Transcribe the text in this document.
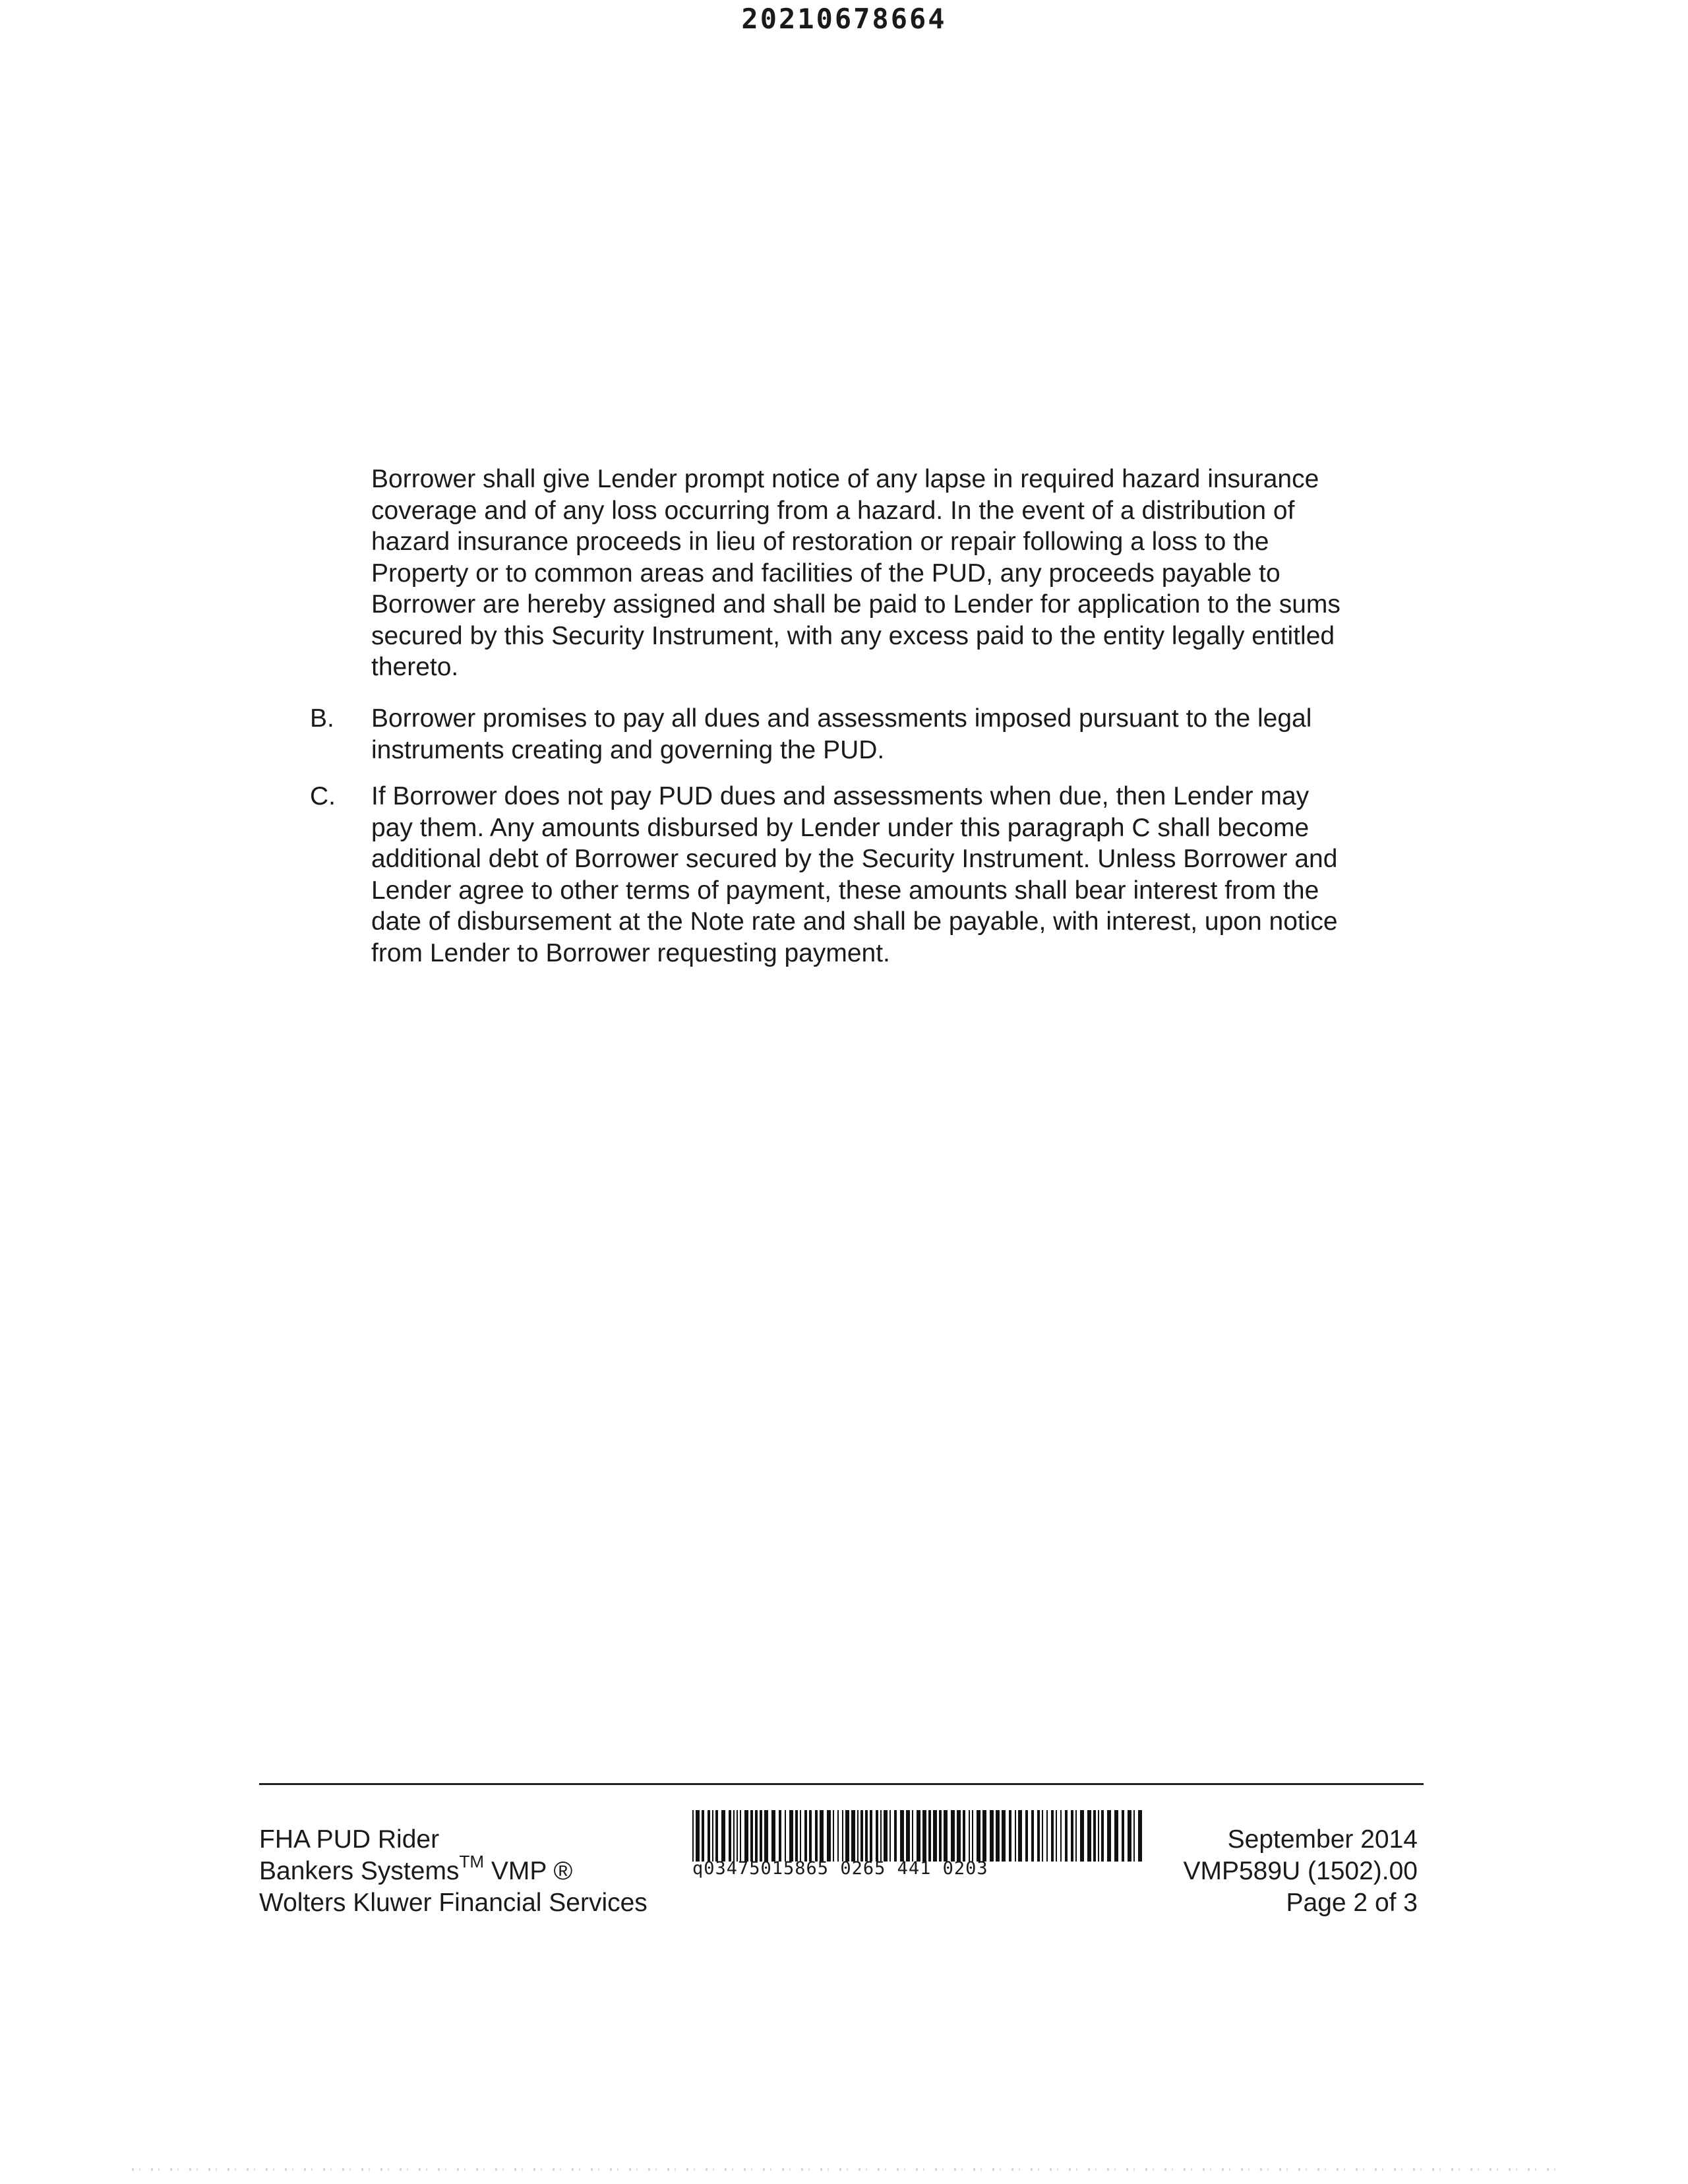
20210678664
Borrower shall give Lender prompt notice of any lapse in required hazard insurance coverage and of any loss occurring from a hazard. In the event of a distribution of hazard insurance proceeds in lieu of restoration or repair following a loss to the Property or to common areas and facilities of the PUD, any proceeds payable to Borrower are hereby assigned and shall be paid to Lender for application to the sums secured by this Security Instrument, with any excess paid to the entity legally entitled thereto.
B. Borrower promises to pay all dues and assessments imposed pursuant to the legal instruments creating and governing the PUD.
C. If Borrower does not pay PUD dues and assessments when due, then Lender may pay them. Any amounts disbursed by Lender under this paragraph C shall become additional debt of Borrower secured by the Security Instrument. Unless Borrower and Lender agree to other terms of payment, these amounts shall bear interest from the date of disbursement at the Note rate and shall be payable, with interest, upon notice from Lender to Borrower requesting payment.
FHA PUD Rider
Bankers Systems™ VMP ®
Wolters Kluwer Financial Services
q03475015865 0265 441 0203
September 2014
VMP589U (1502).00
Page 2 of 3
